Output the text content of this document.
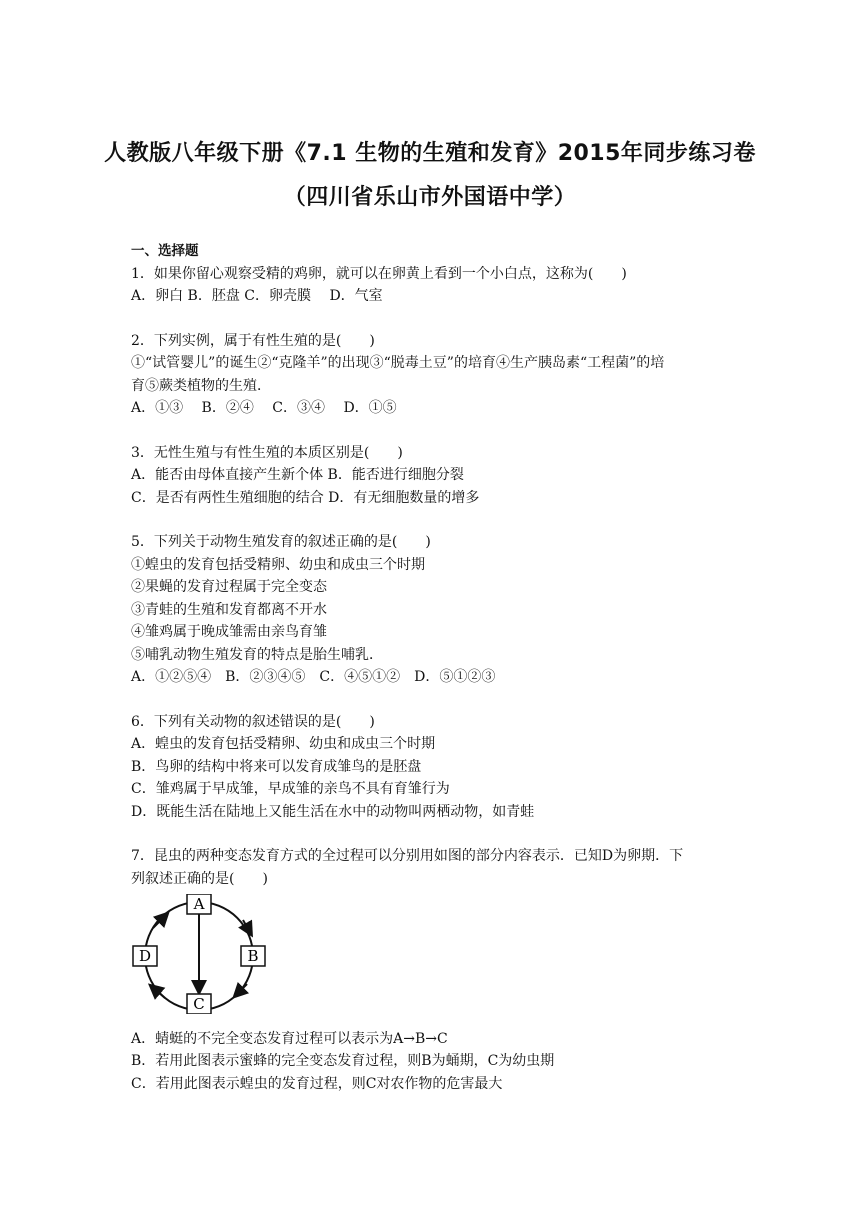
人教版八年级下册《7.1 生物的生殖和发育》2015年同步练习卷
（四川省乐山市外国语中学）
一、选择题
1．如果你留心观察受精的鸡卵，就可以在卵黄上看到一个小白点，这称为(　　)
A．卵白 B．胚盘 C．卵壳膜　 D．气室
2．下列实例，属于有性生殖的是(　　)
①“试管婴儿”的诞生②“克隆羊”的出现③“脱毒土豆”的培育④生产胰岛素“工程菌”的培
育⑤蕨类植物的生殖．
A．①③　 B．②④　 C．③④　 D．①⑤
3．无性生殖与有性生殖的本质区别是(　　)
A．能否由母体直接产生新个体 B．能否进行细胞分裂
C．是否有两性生殖细胞的结合 D．有无细胞数量的增多
5．下列关于动物生殖发育的叙述正确的是(　　)
①蝗虫的发育包括受精卵、幼虫和成虫三个时期
②果蝇的发育过程属于完全变态
③青蛙的生殖和发育都离不开水
④雏鸡属于晚成雏需由亲鸟育雏
⑤哺乳动物生殖发育的特点是胎生哺乳．
A．①②⑤④　B．②③④⑤　C．④⑤①②　D．⑤①②③
6．下列有关动物的叙述错误的是(　　)
A．蝗虫的发育包括受精卵、幼虫和成虫三个时期
B．鸟卵的结构中将来可以发育成雏鸟的是胚盘
C．雏鸡属于早成雏，早成雏的亲鸟不具有育雏行为
D．既能生活在陆地上又能生活在水中的动物叫两栖动物，如青蛙
7．昆虫的两种变态发育方式的全过程可以分别用如图的部分内容表示．已知D为卵期．下
列叙述正确的是(　　)
A
B
C
D
A．蜻蜓的不完全变态发育过程可以表示为A→B→C
B．若用此图表示蜜蜂的完全变态发育过程，则B为蛹期，C为幼虫期
C．若用此图表示蝗虫的发育过程，则C对农作物的危害最大
